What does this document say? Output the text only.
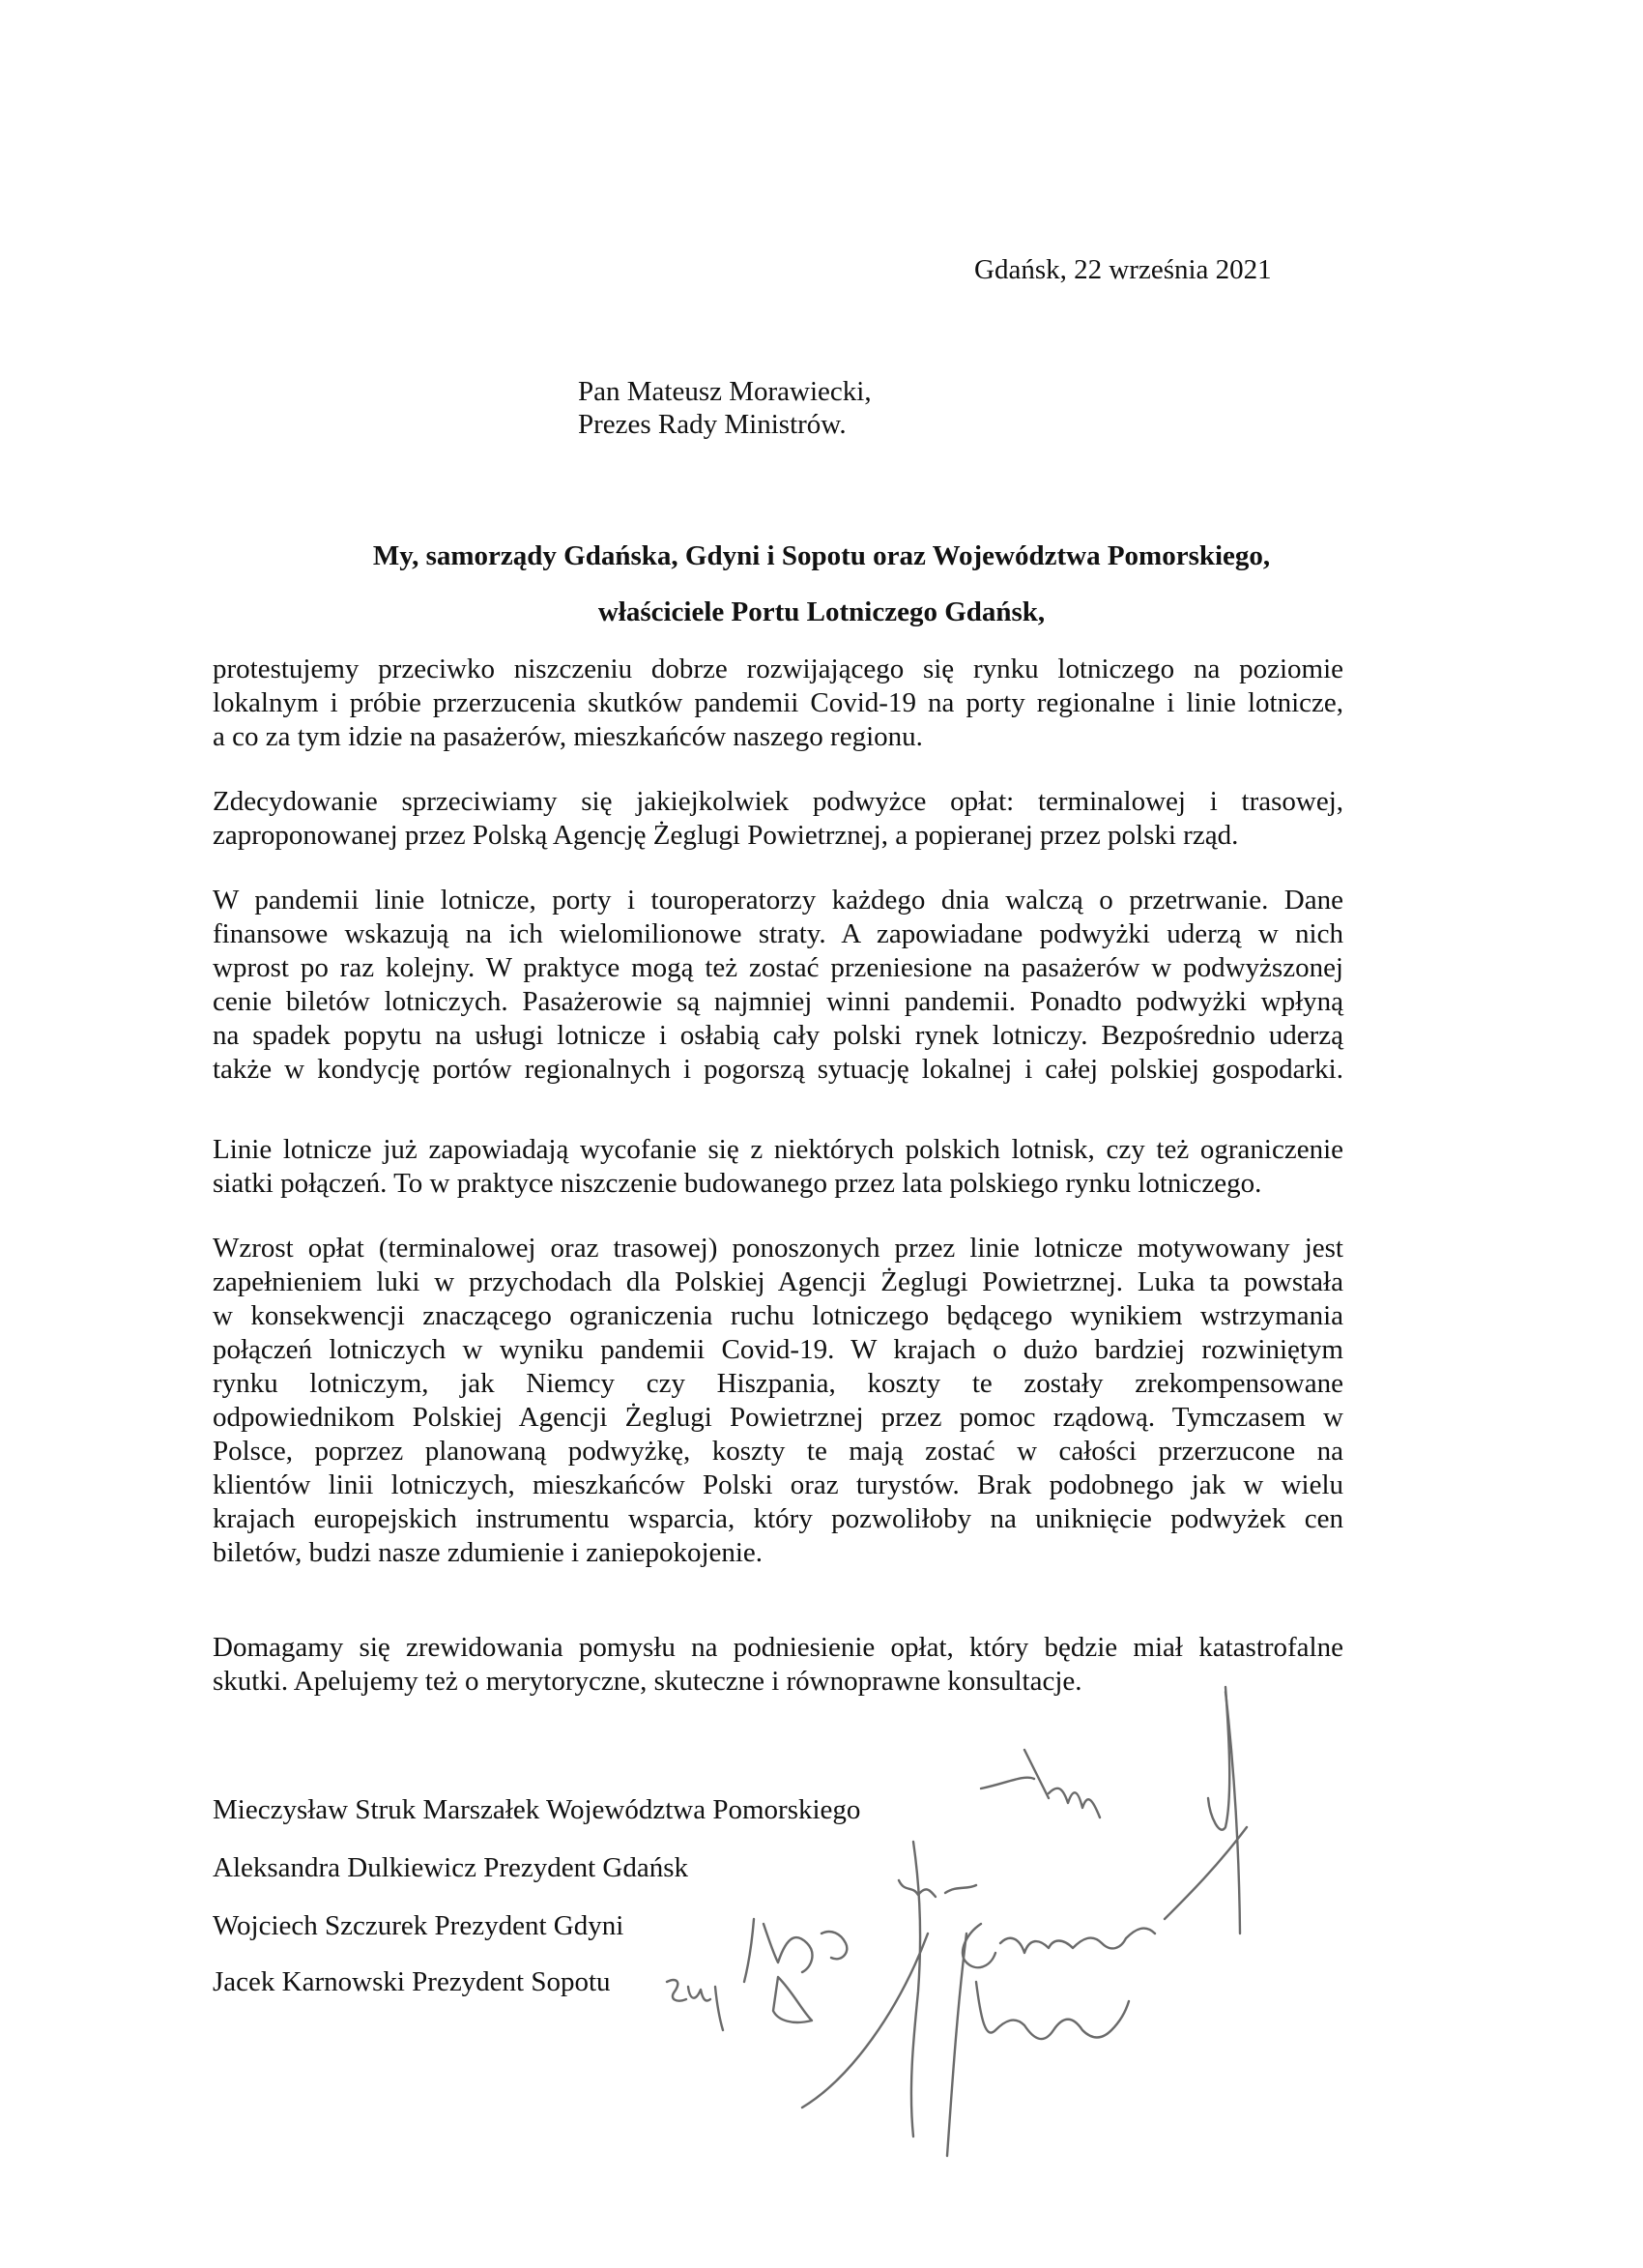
Gdańsk, 22 września 2021
Pan Mateusz Morawiecki,
Prezes Rady Ministrów.
My, samorządy Gdańska, Gdyni i Sopotu oraz Województwa Pomorskiego,
właściciele Portu Lotniczego Gdańsk,
protestujemy przeciwko niszczeniu dobrze rozwijającego się rynku lotniczego na poziomie
lokalnym i próbie przerzucenia skutków pandemii Covid-19 na porty regionalne i linie lotnicze,
a co za tym idzie na pasażerów, mieszkańców naszego regionu.
Zdecydowanie sprzeciwiamy się jakiejkolwiek podwyżce opłat: terminalowej i trasowej,
zaproponowanej przez Polską Agencję Żeglugi Powietrznej, a popieranej przez polski rząd.
W pandemii linie lotnicze, porty i touroperatorzy każdego dnia walczą o przetrwanie. Dane
finansowe wskazują na ich wielomilionowe straty. A zapowiadane podwyżki uderzą w nich
wprost po raz kolejny. W praktyce mogą też zostać przeniesione na pasażerów w podwyższonej
cenie biletów lotniczych. Pasażerowie są najmniej winni pandemii. Ponadto podwyżki wpłyną
na spadek popytu na usługi lotnicze i osłabią cały polski rynek lotniczy. Bezpośrednio uderzą
także w kondycję portów regionalnych i pogorszą sytuację lokalnej i całej polskiej gospodarki.
Linie lotnicze już zapowiadają wycofanie się z niektórych polskich lotnisk, czy też ograniczenie
siatki połączeń. To w praktyce niszczenie budowanego przez lata polskiego rynku lotniczego.
Wzrost opłat (terminalowej oraz trasowej) ponoszonych przez linie lotnicze motywowany jest
zapełnieniem luki w przychodach dla Polskiej Agencji Żeglugi Powietrznej. Luka ta powstała
w konsekwencji znaczącego ograniczenia ruchu lotniczego będącego wynikiem wstrzymania
połączeń lotniczych w wyniku pandemii Covid-19. W krajach o dużo bardziej rozwiniętym
rynku lotniczym, jak Niemcy czy Hiszpania, koszty te zostały zrekompensowane
odpowiednikom Polskiej Agencji Żeglugi Powietrznej przez pomoc rządową. Tymczasem w
Polsce, poprzez planowaną podwyżkę, koszty te mają zostać w całości przerzucone na
klientów linii lotniczych, mieszkańców Polski oraz turystów. Brak podobnego jak w wielu
krajach europejskich instrumentu wsparcia, który pozwoliłoby na uniknięcie podwyżek cen
biletów, budzi nasze zdumienie i zaniepokojenie.
Domagamy się zrewidowania pomysłu na podniesienie opłat, który będzie miał katastrofalne
skutki. Apelujemy też o merytoryczne, skuteczne i równoprawne konsultacje.
Mieczysław Struk Marszałek Województwa Pomorskiego
Aleksandra Dulkiewicz Prezydent Gdańsk
Wojciech Szczurek Prezydent Gdyni
Jacek Karnowski Prezydent Sopotu
